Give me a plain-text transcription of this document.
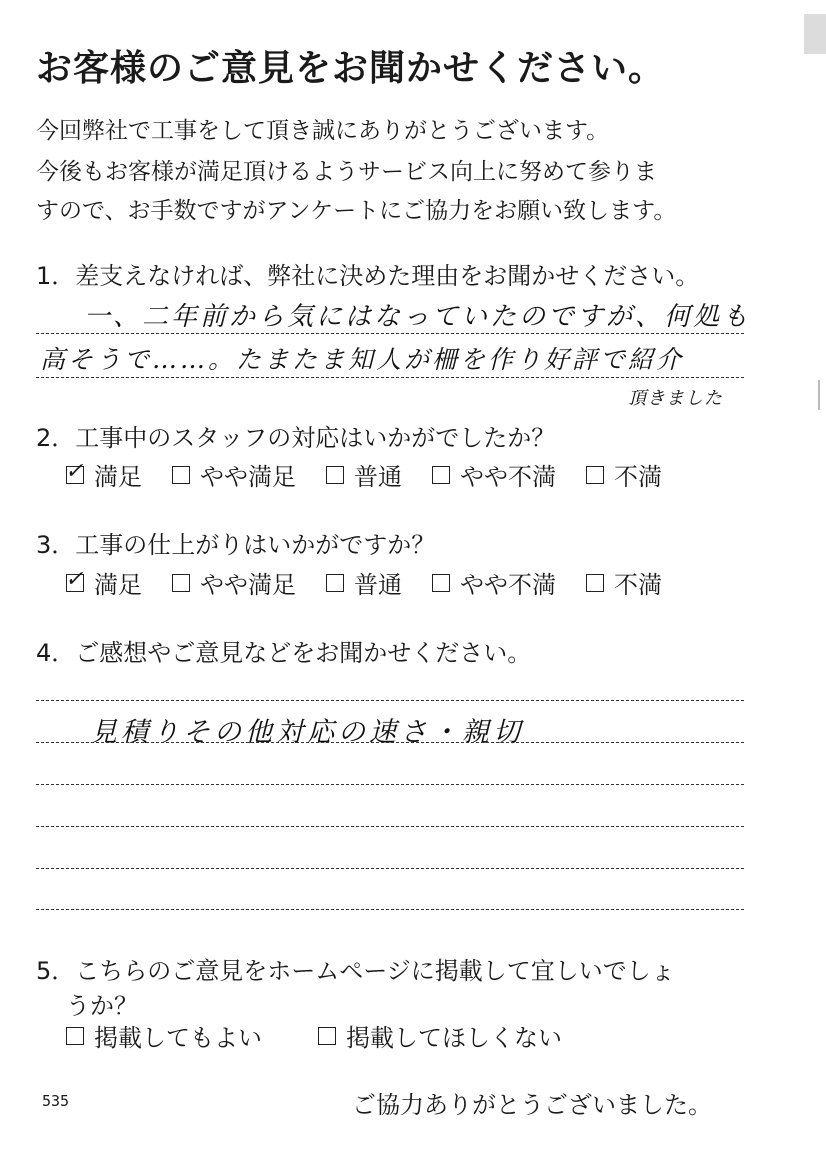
お客様のご意見をお聞かせください。
今回弊社で工事をして頂き誠にありがとうございます。
今後もお客様が満足頂けるようサービス向上に努めて参りま
すので、お手数ですがアンケートにご協力をお願い致します。
1．差支えなければ、弊社に決めた理由をお聞かせください。
一、二年前から気にはなっていたのですが、何処も
高そうで……。たまたま知人が柵を作り好評で紹介
頂きました
2．工事中のスタッフの対応はいかがでしたか？
✓ 満足 やや満足 普通 やや不満 不満
3．工事の仕上がりはいかがですか？
✓ 満足 やや満足 普通 やや不満 不満
4．ご感想やご意見などをお聞かせください。
見積りその他対応の速さ・親切
5．こちらのご意見をホームページに掲載して宜しいでしょ
うか？
掲載してもよい	掲載してほしくない
535	ご協力ありがとうございました。
